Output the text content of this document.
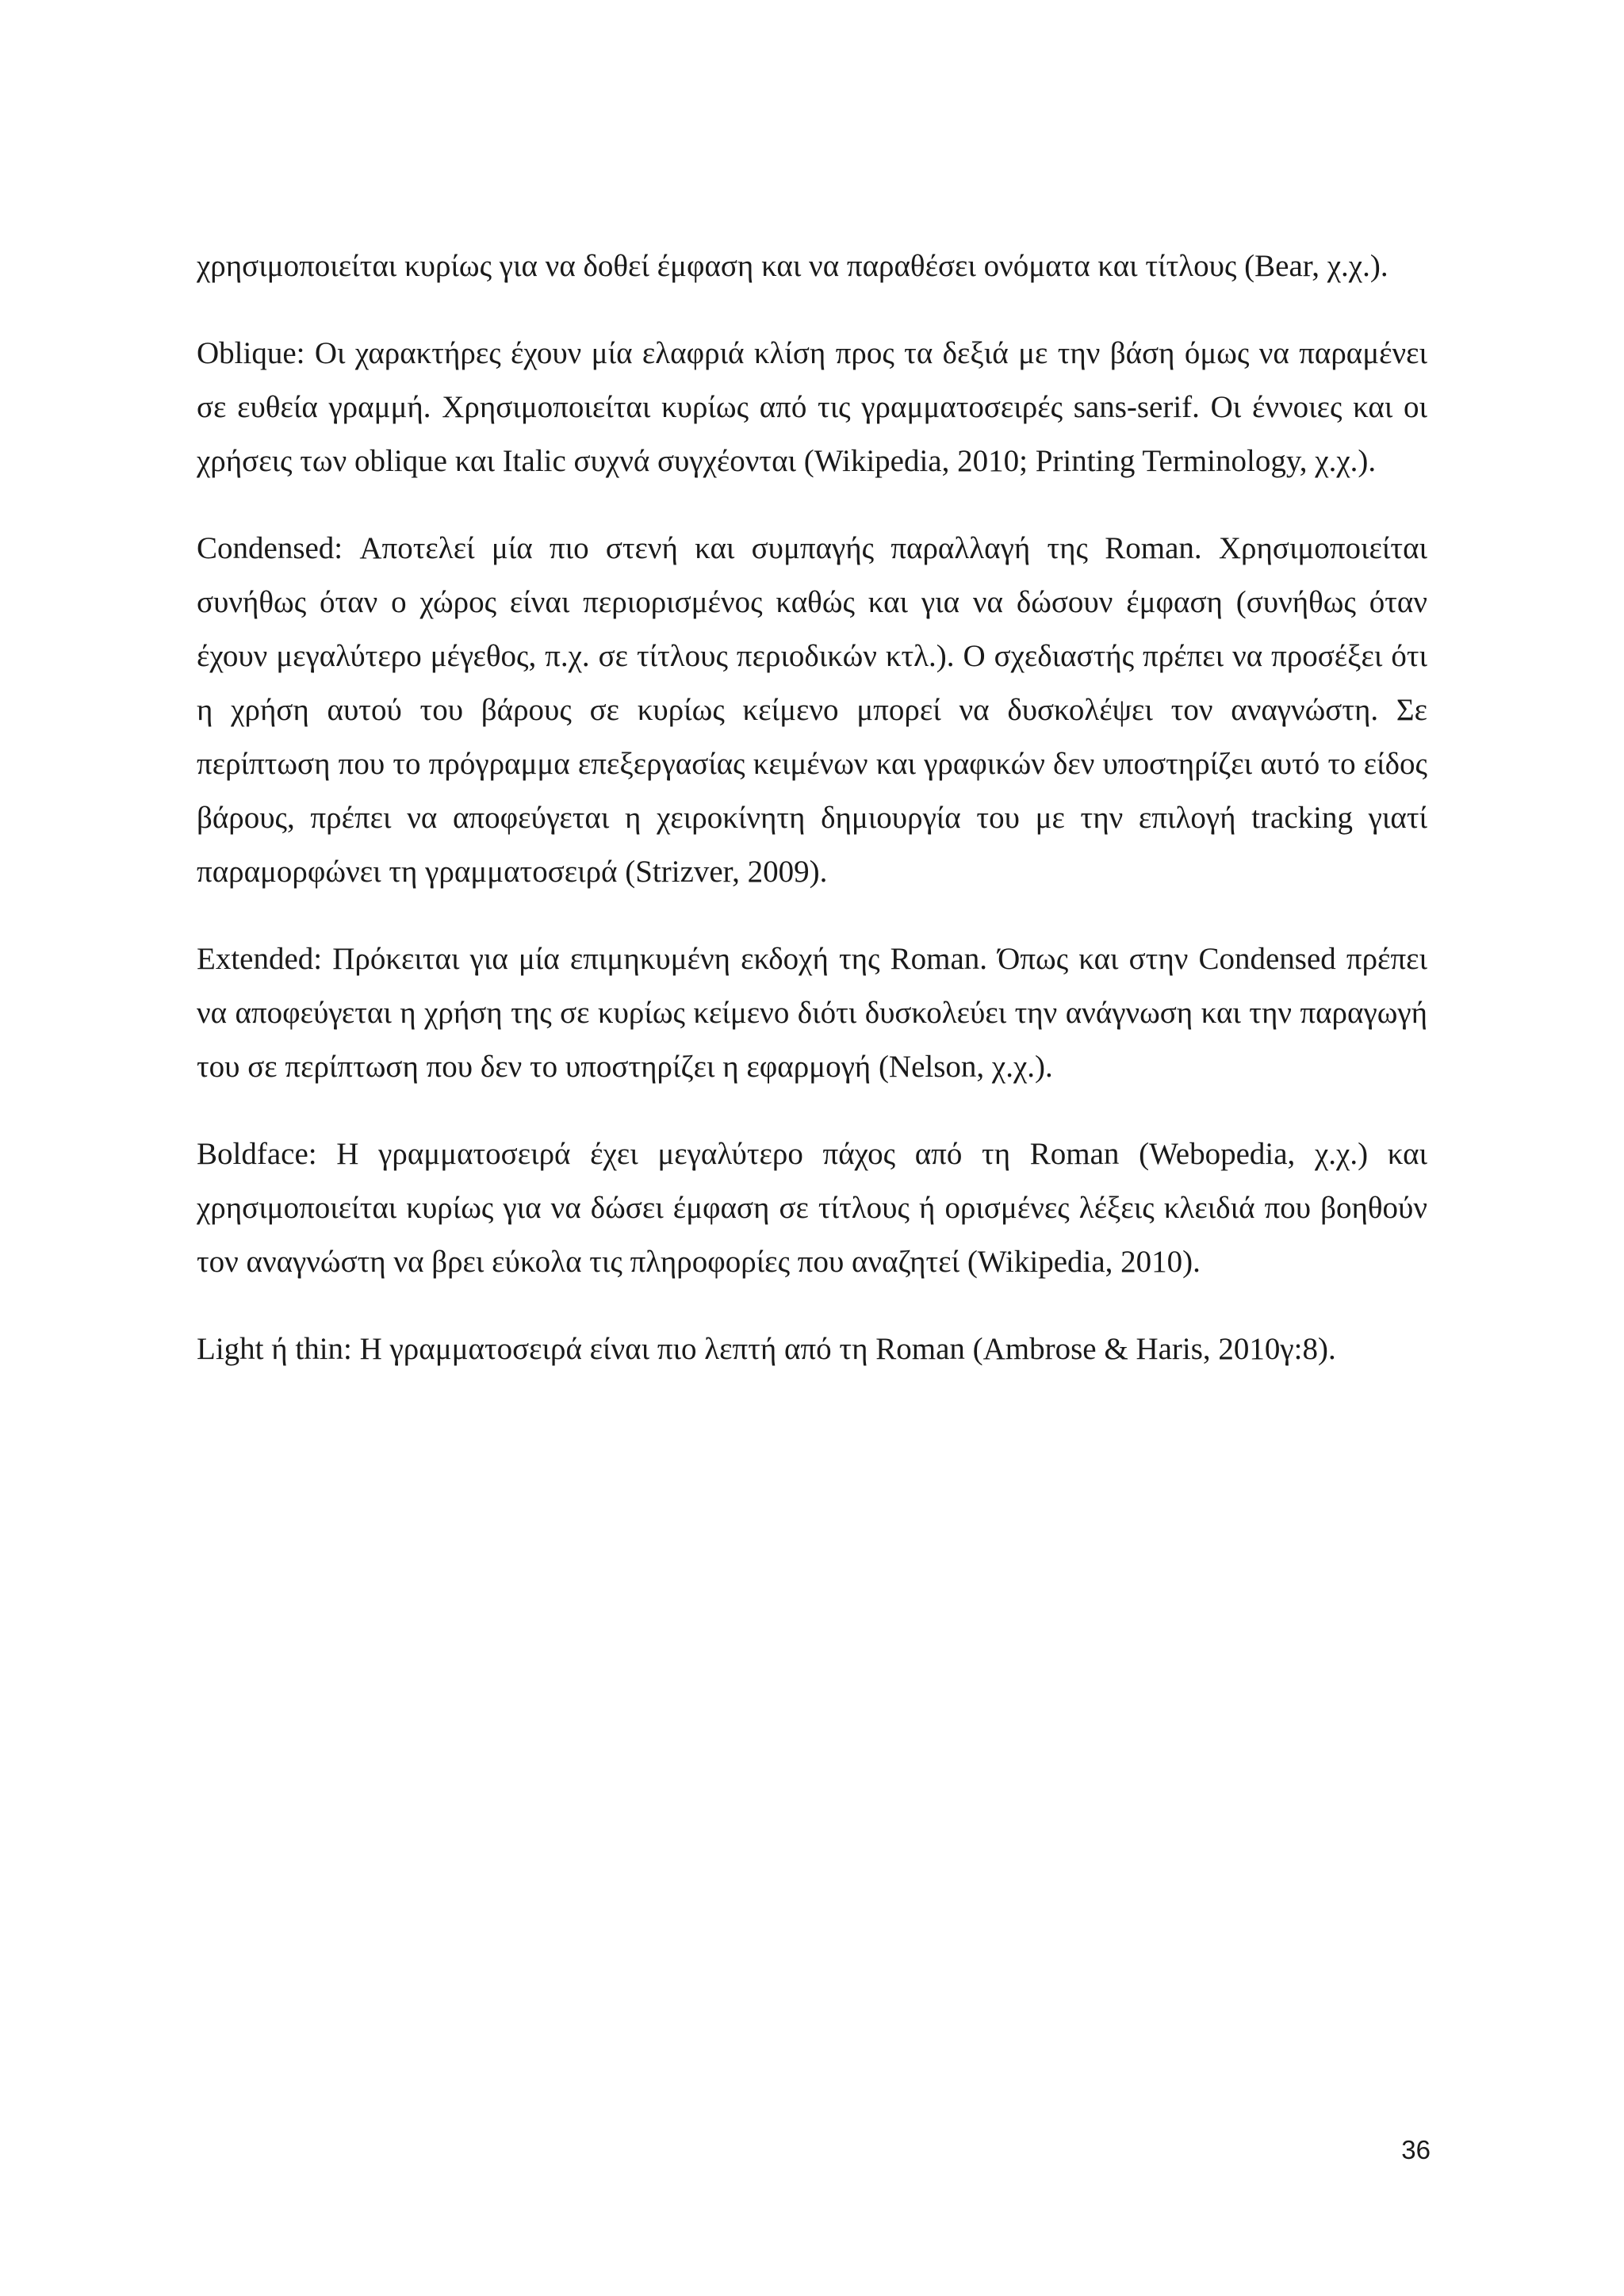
χρησιμοποιείται κυρίως για να δοθεί έμφαση και να παραθέσει ονόματα και τίτλους (Bear, χ.χ.).

Oblique: Οι χαρακτήρες έχουν μία ελαφριά κλίση προς τα δεξιά με την βάση όμως να παραμένει σε ευθεία γραμμή. Χρησιμοποιείται κυρίως από τις γραμματοσειρές sans-serif. Οι έννοιες και οι χρήσεις των oblique και Italic συχνά συγχέονται (Wikipedia, 2010; Printing Terminology, χ.χ.).

Condensed: Αποτελεί μία πιο στενή και συμπαγής παραλλαγή της Roman. Χρησιμοποιείται συνήθως όταν ο χώρος είναι περιορισμένος καθώς και για να δώσουν έμφαση (συνήθως όταν έχουν μεγαλύτερο μέγεθος, π.χ. σε τίτλους περιοδικών κτλ.). Ο σχεδιαστής πρέπει να προσέξει ότι η χρήση αυτού του βάρους σε κυρίως κείμενο μπορεί να δυσκολέψει τον αναγνώστη. Σε περίπτωση που το πρόγραμμα επεξεργασίας κειμένων και γραφικών δεν υποστηρίζει αυτό το είδος βάρους, πρέπει να αποφεύγεται η χειροκίνητη δημιουργία του με την επιλογή tracking γιατί παραμορφώνει τη γραμματοσειρά (Strizver, 2009).

Extended: Πρόκειται για μία επιμηκυμένη εκδοχή της Roman. Όπως και στην Condensed πρέπει να αποφεύγεται η χρήση της σε κυρίως κείμενο διότι δυσκολεύει την ανάγνωση και την παραγωγή του σε περίπτωση που δεν το υποστηρίζει η εφαρμογή (Nelson, χ.χ.).

Boldface: Η γραμματοσειρά έχει μεγαλύτερο πάχος από τη Roman (Webopedia, χ.χ.) και χρησιμοποιείται κυρίως για να δώσει έμφαση σε τίτλους ή ορισμένες λέξεις κλειδιά που βοηθούν τον αναγνώστη να βρει εύκολα τις πληροφορίες που αναζητεί (Wikipedia, 2010).

Light ή thin: Η γραμματοσειρά είναι πιο λεπτή από τη Roman (Ambrose & Haris, 2010γ:8).

36
